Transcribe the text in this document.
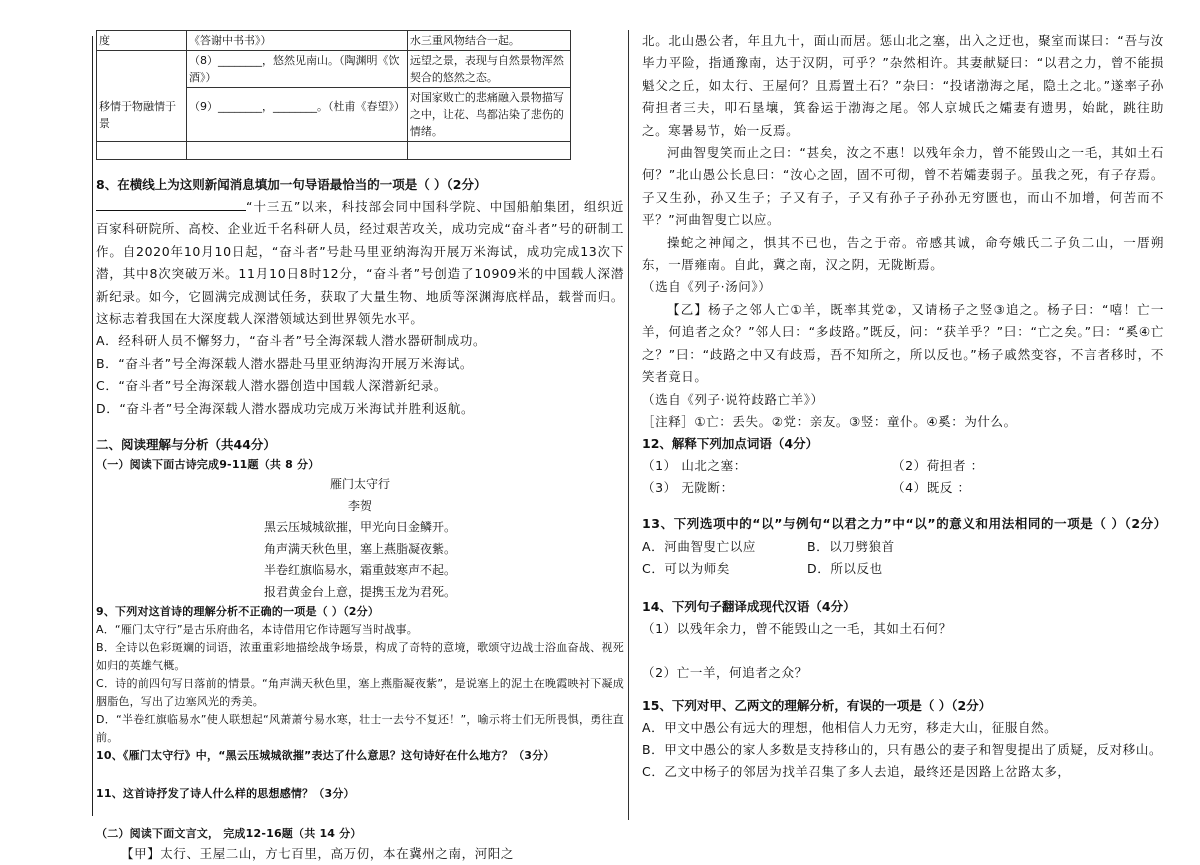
度	《答谢中书书》）	水三重风物结合一起。
	（8）________，悠然见南山。（陶渊明《饮酒》）	远望之景，表现与自然景物浑然契合的悠然之态。
移情于物融情于景	（9）________，________。（杜甫《春望》）	对国家败亡的悲痛融入景物描写之中，让花、鸟都沾染了悲伤的情绪。

8、在横线上为这则新闻消息填加一句导语最恰当的一项是（ ）（2分）

“十三五”以来，科技部会同中国科学院、中国船舶集团，组织近百家科研院所、高校、企业近千名科研人员，经过艰苦攻关，成功完成“奋斗者”号的研制工作。自2020年10月10日起，“奋斗者”号赴马里亚纳海沟开展万米海试，成功完成13次下潜，其中8次突破万米。11月10日8时12分，“奋斗者”号创造了10909米的中国载人深潜新纪录。如今，它圆满完成测试任务，获取了大量生物、地质等深渊海底样品，载誉而归。这标志着我国在大深度载人深潜领域达到世界领先水平。

A．经科研人员不懈努力，“奋斗者”号全海深载人潜水器研制成功。

B．“奋斗者”号全海深载人潜水器赴马里亚纳海沟开展万米海试。

C．“奋斗者”号全海深载人潜水器创造中国载人深潜新纪录。

D．“奋斗者”号全海深载人潜水器成功完成万米海试并胜利返航。

二、阅读理解与分析（共44分）

（一）阅读下面古诗完成9-11题（共 8 分）

雁门太守行

李贺

黑云压城城欲摧，甲光向日金鳞开。

角声满天秋色里，塞上燕脂凝夜紫。

半卷红旗临易水，霜重鼓寒声不起。

报君黄金台上意，提携玉龙为君死。

9、下列对这首诗的理解分析不正确的一项是（ ）（2分）

A．“雁门太守行”是古乐府曲名，本诗借用它作诗题写当时战事。

B．全诗以色彩斑斓的词语，浓重重彩地描绘战争场景，构成了奇特的意境，歌颂守边战士浴血奋战、视死如归的英雄气概。

C．诗的前四句写日落前的情景。“角声满天秋色里，塞上燕脂凝夜紫”，是说塞上的泥土在晚霞映衬下凝成胭脂色，写出了边塞风光的秀美。

D．“半卷红旗临易水”使人联想起“风萧萧兮易水寒，壮士一去兮不复还！”，喻示将士们无所畏惧，勇往直前。

10、《雁门太守行》中，“黑云压城城欲摧”表达了什么意思？这句诗好在什么地方？（3分）

11、这首诗抒发了诗人什么样的思想感情？（3分）

（二）阅读下面文言文， 完成12-16题（共 14 分）

【甲】太行、王屋二山，方七百里，高万仞，本在冀州之南，河阳之

北。北山愚公者，年且九十，面山而居。惩山北之塞，出入之迂也，聚室而谋曰：“吾与汝毕力平险，指通豫南，达于汉阴，可乎？”杂然相许。其妻献疑曰：“以君之力，曾不能损魁父之丘，如太行、王屋何？且焉置土石？”杂曰：“投诸渤海之尾，隐土之北。”遂率子孙荷担者三夫，叩石垦壤，箕畚运于渤海之尾。邻人京城氏之孀妻有遗男，始龀，跳往助之。寒暑易节，始一反焉。

河曲智叟笑而止之曰：“甚矣，汝之不惠！以残年余力，曾不能毁山之一毛，其如土石何？”北山愚公长息曰：“汝心之固，固不可彻，曾不若孀妻弱子。虽我之死，有子存焉。子又生孙，孙又生子；子又有子，子又有孙子子孙孙无穷匮也，而山不加增，何苦而不平？”河曲智叟亡以应。

操蛇之神闻之，惧其不已也，告之于帝。帝感其诚，命夸娥氏二子负二山，一厝朔东，一厝雍南。自此，冀之南，汉之阴，无陇断焉。

（选自《列子·汤问》）

【乙】杨子之邻人亡①羊，既率其党②，又请杨子之竖③追之。杨子曰：“嘻！亡一羊，何追者之众？”邻人曰：“多歧路。”既反，问：“获羊乎？”曰：“亡之矣。”曰：“奚④亡之？”曰：“歧路之中又有歧焉，吾不知所之，所以反也。”杨子戚然变容，不言者移时，不笑者竟日。

（选自《列子·说符歧路亡羊》）

［注释］①亡：丢失。②党：亲友。③竖：童仆。④奚：为什么。

12、解释下列加点词语（4分）

（1） 山北之塞：	（2）荷担者 ：
（3） 无陇断：	（4）既反 ：

13、下列选项中的“以”与例句“以君之力”中“以”的意义和用法相同的一项是（ ）（2分）

A．河曲智叟亡以应	B．以刀劈狼首
C．可以为师矣	D．所以反也

14、下列句子翻译成现代汉语（4分）

（1）以残年余力，曾不能毁山之一毛，其如土石何？

（2）亡一羊，何追者之众？

15、下列对甲、乙两文的理解分析，有误的一项是（ ）（2分）

A．甲文中愚公有远大的理想，他相信人力无穷，移走大山，征服自然。

B．甲文中愚公的家人多数是支持移山的，只有愚公的妻子和智叟提出了质疑，反对移山。

C．乙文中杨子的邻居为找羊召集了多人去追，最终还是因路上岔路太多，
